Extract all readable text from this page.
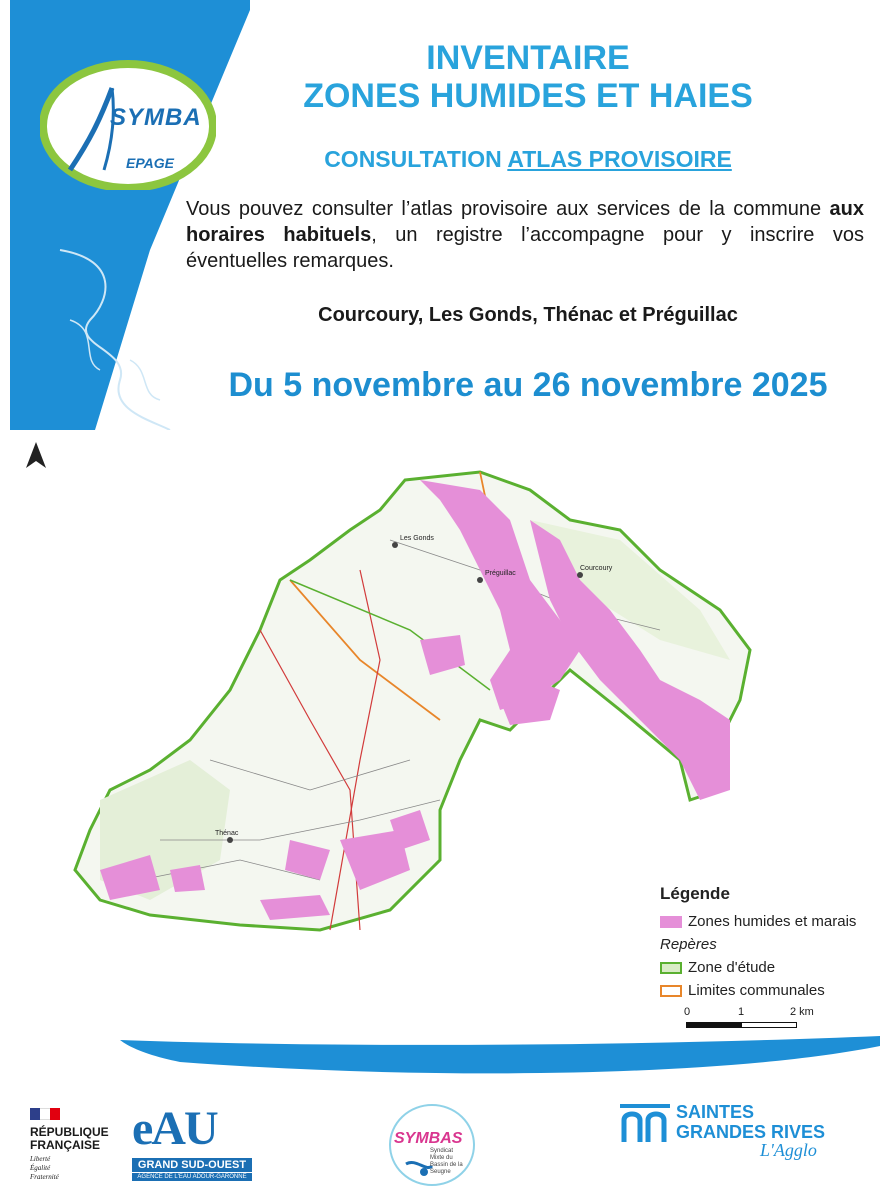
SYMBA
EPAGE
INVENTAIRE
ZONES HUMIDES ET HAIES
CONSULTATION ATLAS PROVISOIRE
Vous pouvez consulter l’atlas provisoire aux services de la commune aux horaires habituels, un registre l’accompagne pour y inscrire vos éventuelles remarques.
Courcoury, Les Gonds, Thénac et Préguillac
Du 5 novembre au 26 novembre 2025
Les Gonds
Préguillac
Courcoury
Thénac
Légende
Zones humides et marais
Repères
Zone d'étude
Limites communales
0	1	2 km
RÉPUBLIQUE
FRANÇAISE
Liberté
Égalité
Fraternité
eAU
GRAND SUD-OUEST
AGENCE DE L'EAU ADOUR-GARONNE
SYMBAS
Syndicat
Mixte du
Bassin de la
Seugne
SAINTES
GRANDES RIVES
L'Agglo
